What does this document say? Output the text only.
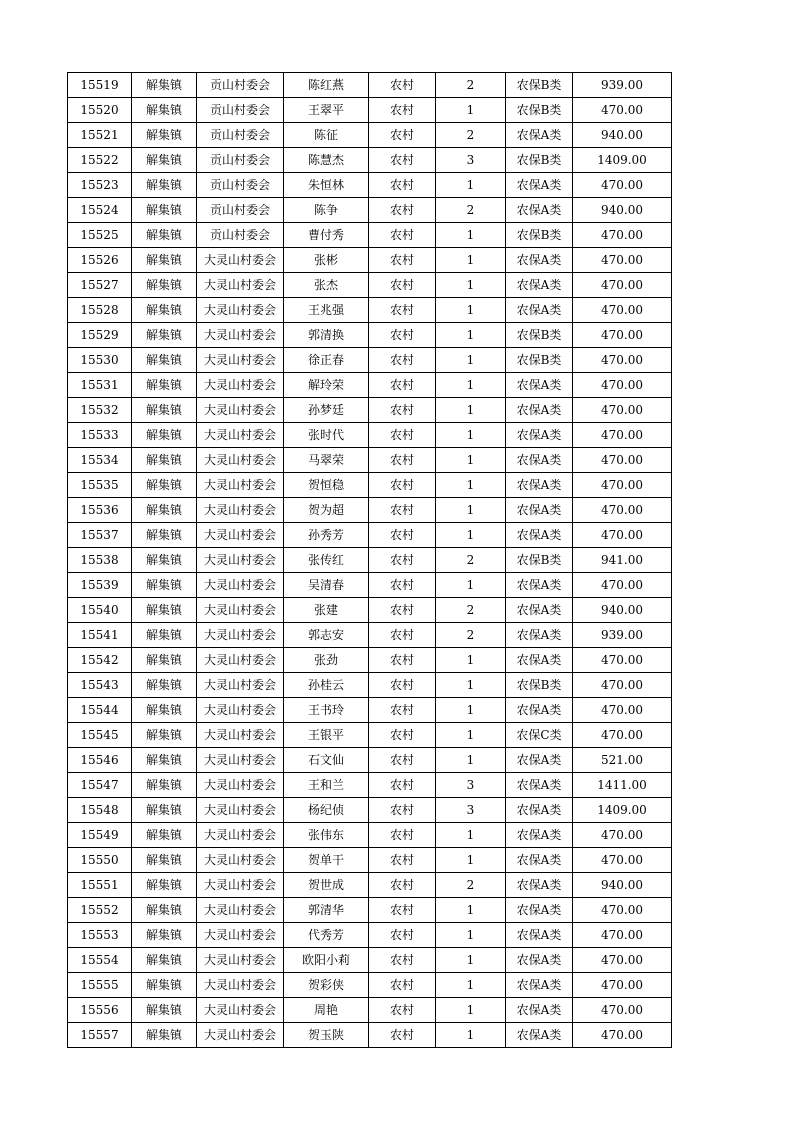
15519	解集镇	贡山村委会	陈红燕	农村	2	农保B类	939.00
15520	解集镇	贡山村委会	王翠平	农村	1	农保B类	470.00
15521	解集镇	贡山村委会	陈征	农村	2	农保A类	940.00
15522	解集镇	贡山村委会	陈慧杰	农村	3	农保B类	1409.00
15523	解集镇	贡山村委会	朱恒林	农村	1	农保A类	470.00
15524	解集镇	贡山村委会	陈争	农村	2	农保A类	940.00
15525	解集镇	贡山村委会	曹付秀	农村	1	农保B类	470.00
15526	解集镇	大灵山村委会	张彬	农村	1	农保A类	470.00
15527	解集镇	大灵山村委会	张杰	农村	1	农保A类	470.00
15528	解集镇	大灵山村委会	王兆强	农村	1	农保A类	470.00
15529	解集镇	大灵山村委会	郭清换	农村	1	农保B类	470.00
15530	解集镇	大灵山村委会	徐正春	农村	1	农保B类	470.00
15531	解集镇	大灵山村委会	解玲荣	农村	1	农保A类	470.00
15532	解集镇	大灵山村委会	孙梦廷	农村	1	农保A类	470.00
15533	解集镇	大灵山村委会	张时代	农村	1	农保A类	470.00
15534	解集镇	大灵山村委会	马翠荣	农村	1	农保A类	470.00
15535	解集镇	大灵山村委会	贺恒稳	农村	1	农保A类	470.00
15536	解集镇	大灵山村委会	贺为超	农村	1	农保A类	470.00
15537	解集镇	大灵山村委会	孙秀芳	农村	1	农保A类	470.00
15538	解集镇	大灵山村委会	张传红	农村	2	农保B类	941.00
15539	解集镇	大灵山村委会	吴清春	农村	1	农保A类	470.00
15540	解集镇	大灵山村委会	张建	农村	2	农保A类	940.00
15541	解集镇	大灵山村委会	郭志安	农村	2	农保A类	939.00
15542	解集镇	大灵山村委会	张劲	农村	1	农保A类	470.00
15543	解集镇	大灵山村委会	孙桂云	农村	1	农保B类	470.00
15544	解集镇	大灵山村委会	王书玲	农村	1	农保A类	470.00
15545	解集镇	大灵山村委会	王银平	农村	1	农保C类	470.00
15546	解集镇	大灵山村委会	石文仙	农村	1	农保A类	521.00
15547	解集镇	大灵山村委会	王和兰	农村	3	农保A类	1411.00
15548	解集镇	大灵山村委会	杨纪侦	农村	3	农保A类	1409.00
15549	解集镇	大灵山村委会	张伟东	农村	1	农保A类	470.00
15550	解集镇	大灵山村委会	贺单干	农村	1	农保A类	470.00
15551	解集镇	大灵山村委会	贺世成	农村	2	农保A类	940.00
15552	解集镇	大灵山村委会	郭清华	农村	1	农保A类	470.00
15553	解集镇	大灵山村委会	代秀芳	农村	1	农保A类	470.00
15554	解集镇	大灵山村委会	欧阳小莉	农村	1	农保A类	470.00
15555	解集镇	大灵山村委会	贺彩侠	农村	1	农保A类	470.00
15556	解集镇	大灵山村委会	周艳	农村	1	农保A类	470.00
15557	解集镇	大灵山村委会	贺玉陕	农村	1	农保A类	470.00
